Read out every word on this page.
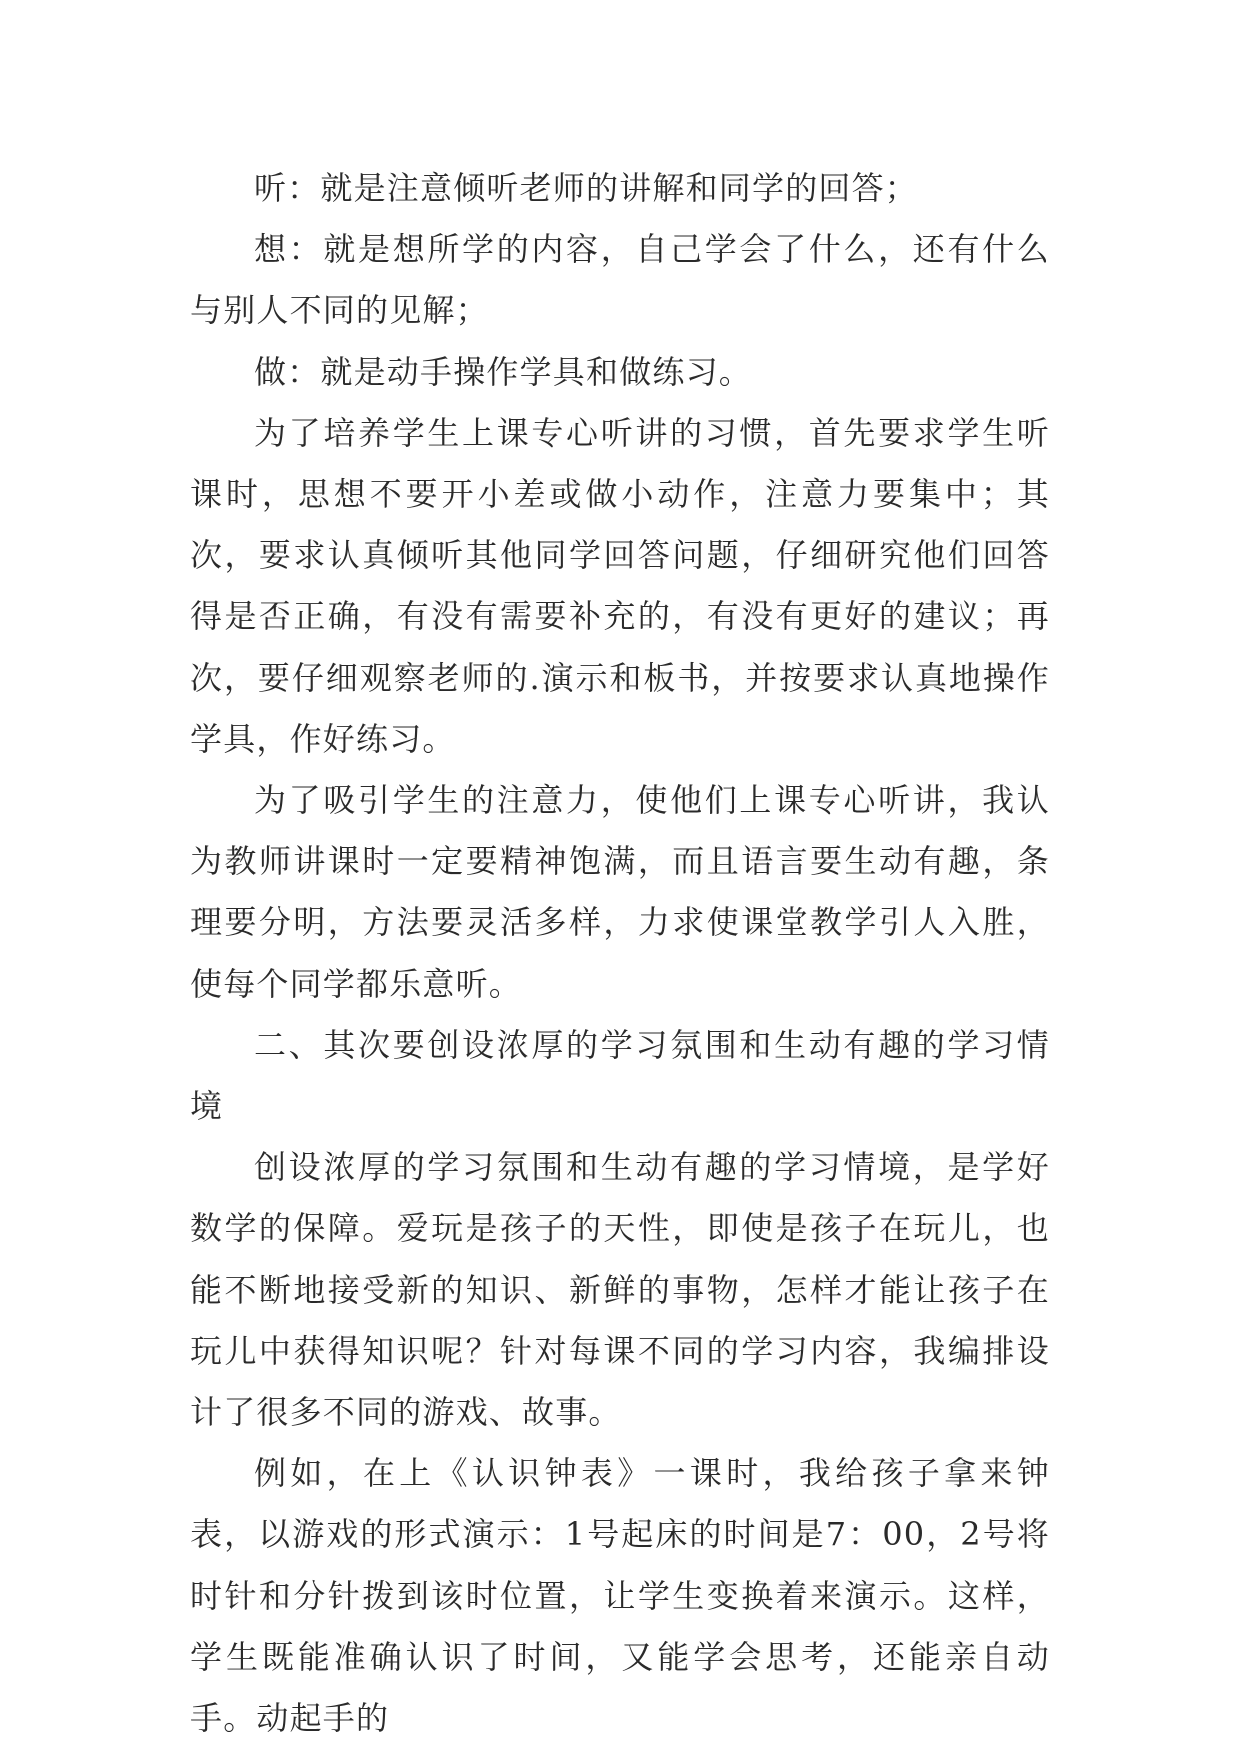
听：就是注意倾听老师的讲解和同学的回答；

想：就是想所学的内容，自己学会了什么，还有什么与别人不同的见解；

做：就是动手操作学具和做练习。

为了培养学生上课专心听讲的习惯，首先要求学生听课时，思想不要开小差或做小动作，注意力要集中；其次，要求认真倾听其他同学回答问题，仔细研究他们回答得是否正确，有没有需要补充的，有没有更好的建议；再次，要仔细观察老师的.演示和板书，并按要求认真地操作学具，作好练习。

为了吸引学生的注意力，使他们上课专心听讲，我认为教师讲课时一定要精神饱满，而且语言要生动有趣，条理要分明，方法要灵活多样，力求使课堂教学引人入胜，使每个同学都乐意听。

二、其次要创设浓厚的学习氛围和生动有趣的学习情境

创设浓厚的学习氛围和生动有趣的学习情境，是学好数学的保障。爱玩是孩子的天性，即使是孩子在玩儿，也能不断地接受新的知识、新鲜的事物，怎样才能让孩子在玩儿中获得知识呢？针对每课不同的学习内容，我编排设计了很多不同的游戏、故事。

例如，在上《认识钟表》一课时，我给孩子拿来钟表，以游戏的形式演示：1号起床的时间是7：00，2号将时针和分针拨到该时位置，让学生变换着来演示。这样，学生既能准确认识了时间，又能学会思考，还能亲自动手。动起手的
